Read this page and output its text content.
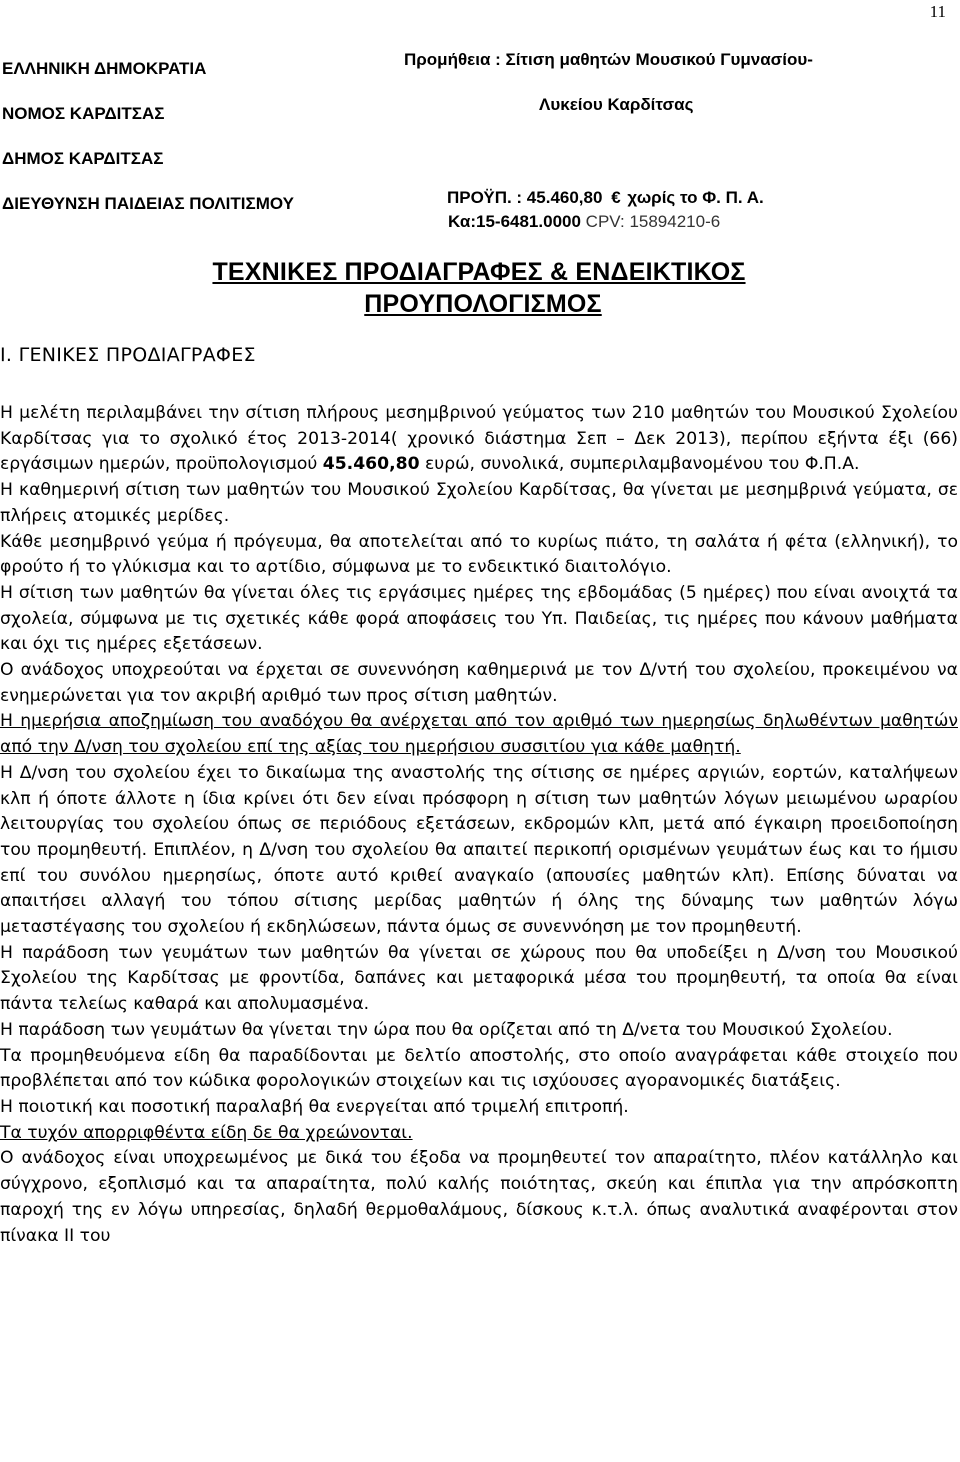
11
ΕΛΛΗΝΙΚΗ ΔΗΜΟΚΡΑΤΙΑ
ΝΟΜΟΣ ΚΑΡΔΙΤΣΑΣ
ΔΗΜΟΣ ΚΑΡΔΙΤΣΑΣ
ΔΙΕΥΘΥΝΣΗ ΠΑΙΔΕΙΑΣ ΠΟΛΙΤΙΣΜΟΥ
Προμήθεια : Σίτιση μαθητών Μουσικού Γυμνασίου-
Λυκείου Καρδίτσας
ΠΡΟΫΠ. : 45.460,80 € χωρίς το Φ. Π. Α.
Κα:15-6481.0000 CPV: 15894210-6
ΤΕΧΝΙΚΕΣ ΠΡΟΔΙΑΓΡΑΦΕΣ & ΕΝΔΕΙΚΤΙΚΟΣ
ΠΡΟΥΠΟΛΟΓΙΣΜΟΣ
Ι. ΓΕΝΙΚΕΣ ΠΡΟΔΙΑΓΡΑΦΕΣ

Η μελέτη περιλαμβάνει την σίτιση πλήρους μεσημβρινού γεύματος των 210 μαθητών του Μουσικού Σχολείου Καρδίτσας για το σχολικό έτος 2013-2014( χρονικό διάστημα Σεπ – Δεκ 2013), περίπου εξήντα έξι (66) εργάσιμων ημερών, προϋπολογισμού 45.460,80 ευρώ, συνολικά, συμπεριλαμβανομένου του Φ.Π.Α.

Η καθημερινή σίτιση των μαθητών του Μουσικού Σχολείου Καρδίτσας, θα γίνεται με μεσημβρινά γεύματα, σε πλήρεις ατομικές μερίδες.

Κάθε μεσημβρινό γεύμα ή πρόγευμα, θα αποτελείται από το κυρίως πιάτο, τη σαλάτα ή φέτα (ελληνική), το φρούτο ή το γλύκισμα και το αρτίδιο, σύμφωνα με το ενδεικτικό διαιτολόγιο.

Η σίτιση των μαθητών θα γίνεται όλες τις εργάσιμες ημέρες της εβδομάδας (5 ημέρες) που είναι ανοιχτά τα σχολεία, σύμφωνα με τις σχετικές κάθε φορά αποφάσεις του Υπ. Παιδείας, τις ημέρες που κάνουν μαθήματα και όχι τις ημέρες εξετάσεων.

Ο ανάδοχος υποχρεούται να έρχεται σε συνεννόηση καθημερινά με τον Δ/ντή του σχολείου, προκειμένου να ενημερώνεται για τον ακριβή αριθμό των προς σίτιση μαθητών.

Η ημερήσια αποζημίωση του αναδόχου θα ανέρχεται από τον αριθμό των ημερησίως δηλωθέντων μαθητών από την Δ/νση του σχολείου επί της αξίας του ημερήσιου συσσιτίου για κάθε μαθητή.

Η Δ/νση του σχολείου έχει το δικαίωμα της αναστολής της σίτισης σε ημέρες αργιών, εορτών, καταλήψεων κλπ ή όποτε άλλοτε η ίδια κρίνει ότι δεν είναι πρόσφορη η σίτιση των μαθητών λόγων μειωμένου ωραρίου λειτουργίας του σχολείου όπως σε περιόδους εξετάσεων, εκδρομών κλπ, μετά από έγκαιρη προειδοποίηση του προμηθευτή. Επιπλέον, η Δ/νση του σχολείου θα απαιτεί περικοπή ορισμένων γευμάτων έως και το ήμισυ επί του συνόλου ημερησίως, όποτε αυτό κριθεί αναγκαίο (απουσίες μαθητών κλπ). Επίσης δύναται να απαιτήσει αλλαγή του τόπου σίτισης μερίδας μαθητών ή όλης της δύναμης των μαθητών λόγω μεταστέγασης του σχολείου ή εκδηλώσεων, πάντα όμως σε συνεννόηση με τον προμηθευτή.

Η παράδοση των γευμάτων των μαθητών θα γίνεται σε χώρους που θα υποδείξει η Δ/νση του Μουσικού Σχολείου της Καρδίτσας με φροντίδα, δαπάνες και μεταφορικά μέσα του προμηθευτή, τα οποία θα είναι πάντα τελείως καθαρά και απολυμασμένα.

Η παράδοση των γευμάτων θα γίνεται την ώρα που θα ορίζεται από τη Δ/νετα του Μουσικού Σχολείου.

Τα προμηθευόμενα είδη θα παραδίδονται με δελτίο αποστολής, στο οποίο αναγράφεται κάθε στοιχείο που προβλέπεται από τον κώδικα φορολογικών στοιχείων και τις ισχύουσες αγορανομικές διατάξεις.

Η ποιοτική και ποσοτική παραλαβή θα ενεργείται από τριμελή επιτροπή.

Τα τυχόν απορριφθέντα είδη δε θα χρεώνονται.

Ο ανάδοχος είναι υποχρεωμένος με δικά του έξοδα να προμηθευτεί τον απαραίτητο, πλέον κατάλληλο και σύγχρονο, εξοπλισμό και τα απαραίτητα, πολύ καλής ποιότητας, σκεύη και έπιπλα για την απρόσκοπτη παροχή της εν λόγω υπηρεσίας, δηλαδή θερμοθαλάμους, δίσκους κ.τ.λ. όπως αναλυτικά αναφέρονται στον πίνακα ΙΙ του
